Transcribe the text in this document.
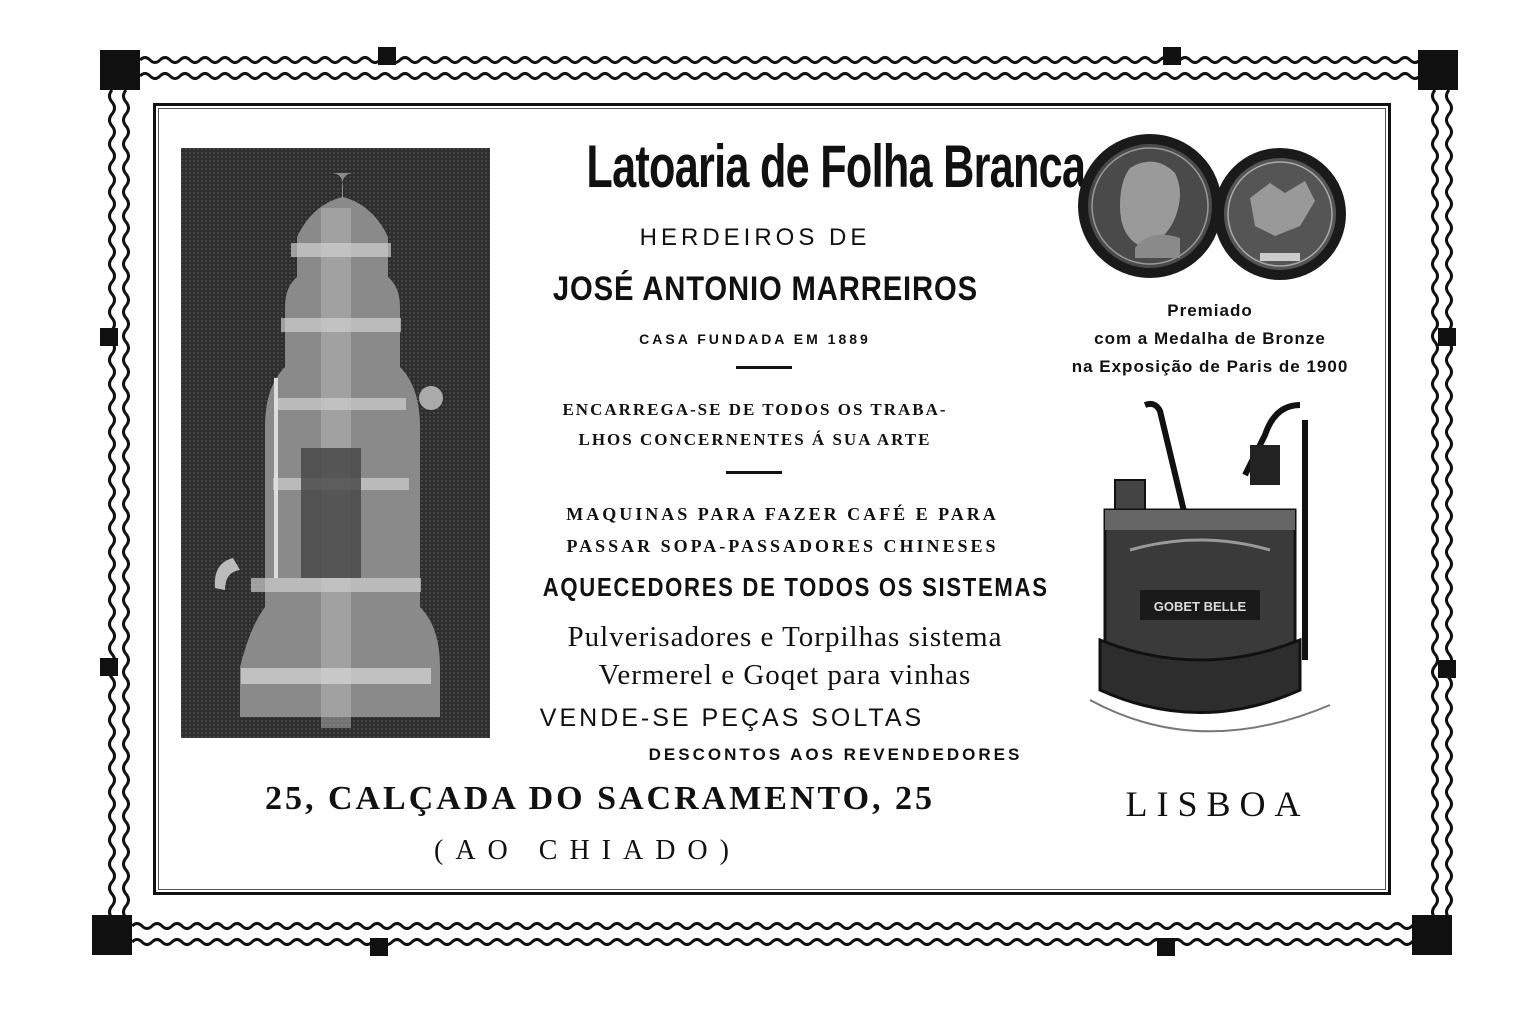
Latoaria de Folha Branca
HERDEIROS DE
JOSÉ ANTONIO MARREIROS
CASA FUNDADA EM 1889
ENCARREGA-SE DE TODOS OS TRABA-
LHOS CONCERNENTES Á SUA ARTE
MAQUINAS PARA FAZER CAFÉ E PARA
PASSAR SOPA-PASSADORES CHINESES
AQUECEDORES DE TODOS OS SISTEMAS
Pulverisadores e Torpilhas sistema
Vermerel e Goqet para vinhas
VENDE-SE PEÇAS SOLTAS
DESCONTOS AOS REVENDEDORES
25, CALÇADA DO SACRAMENTO, 25
(AO CHIADO)
LISBOA
Premiado
com a Medalha de Bronze
na Exposição de Paris de 1900
GOBET BELLE
